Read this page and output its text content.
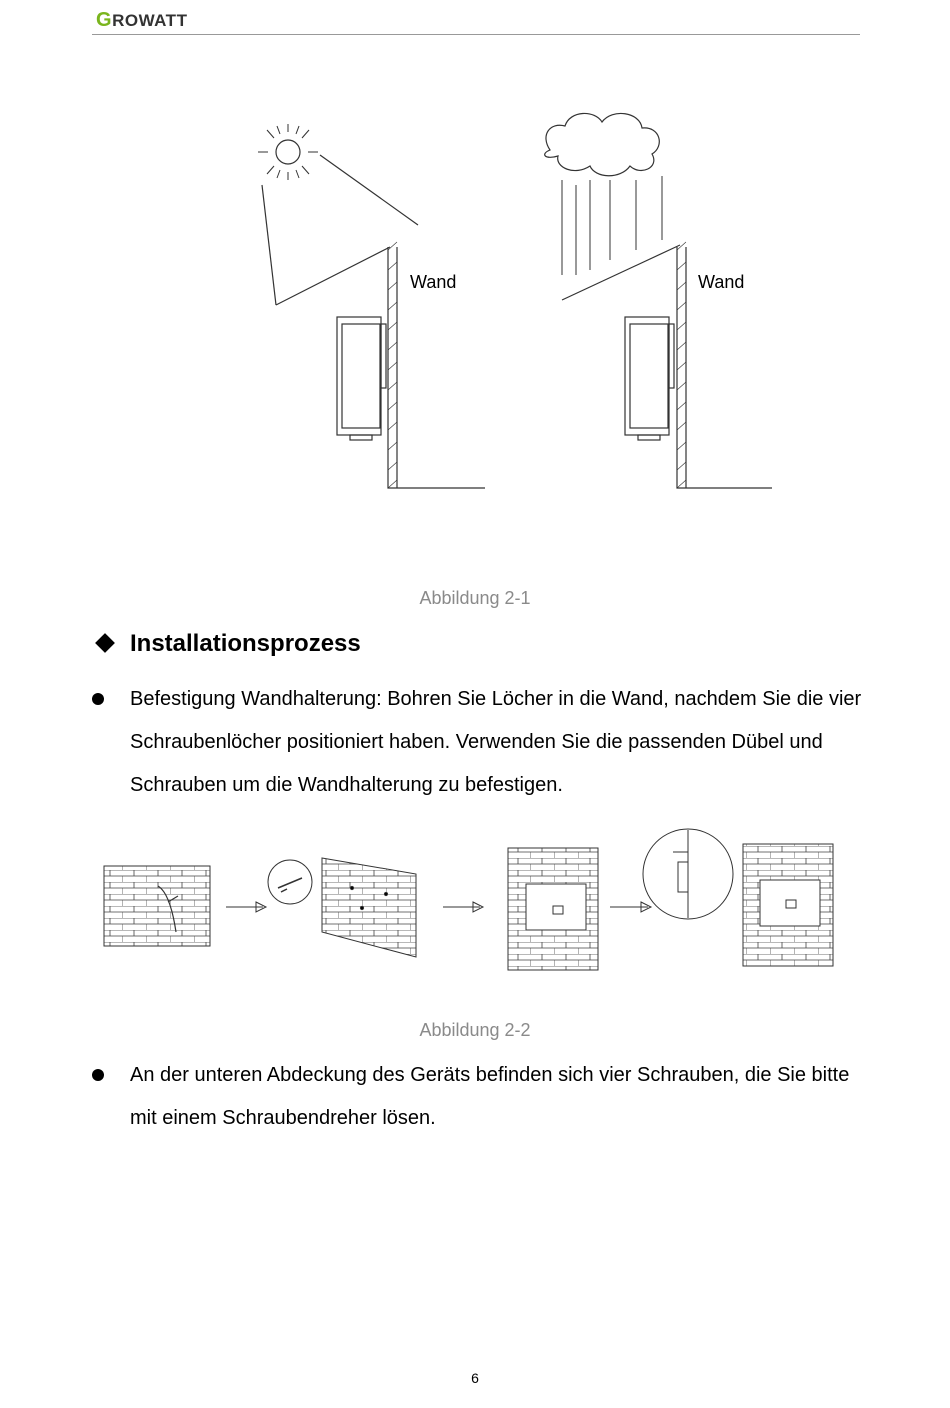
GROWATT
Wand	Wand
Abbildung 2-1
Installationsprozess
Befestigung Wandhalterung: Bohren Sie Löcher in die Wand, nachdem Sie die vier Schraubenlöcher positioniert haben. Verwenden Sie die passenden Dübel und Schrauben um die Wandhalterung zu befestigen.
Abbildung 2-2
An der unteren Abdeckung des Geräts befinden sich vier Schrauben, die Sie bitte mit einem Schraubendreher lösen.
6
